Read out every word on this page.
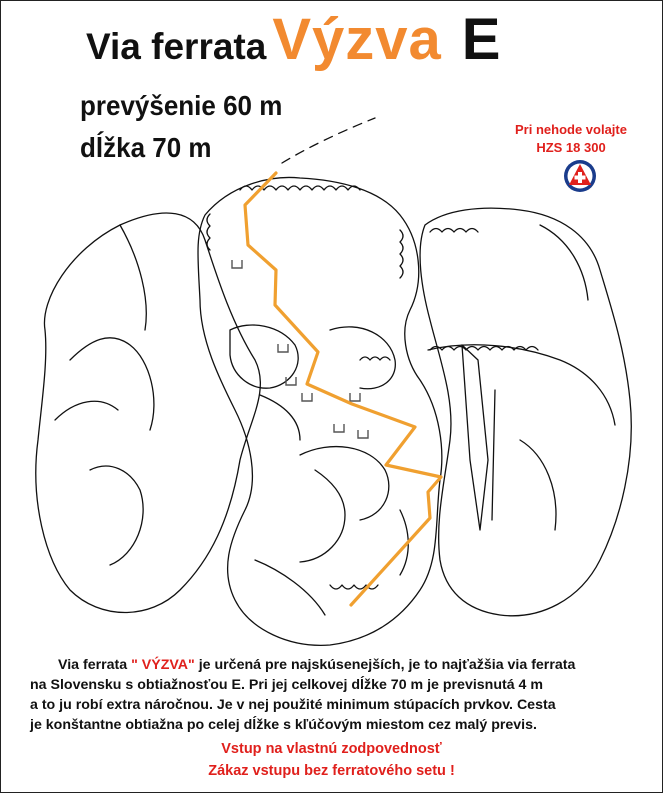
Via ferrata Výzva E
prevýšenie 60 m
dĺžka 70 m
Pri nehode volajte
HZS 18 300
Via ferrata " VÝZVA" je určená pre najskúsenejších, je to najťažšia via ferrata
na Slovensku s obtiažnosťou E. Pri jej celkovej dĺžke 70 m je previsnutá 4 m
a to ju robí extra náročnou. Je v nej použité minimum stúpacích prvkov. Cesta
je konštantne obtiažna po celej dĺžke s kľúčovým miestom cez malý previs.
Vstup na vlastnú zodpovednosť
Zákaz vstupu bez ferratového setu !
